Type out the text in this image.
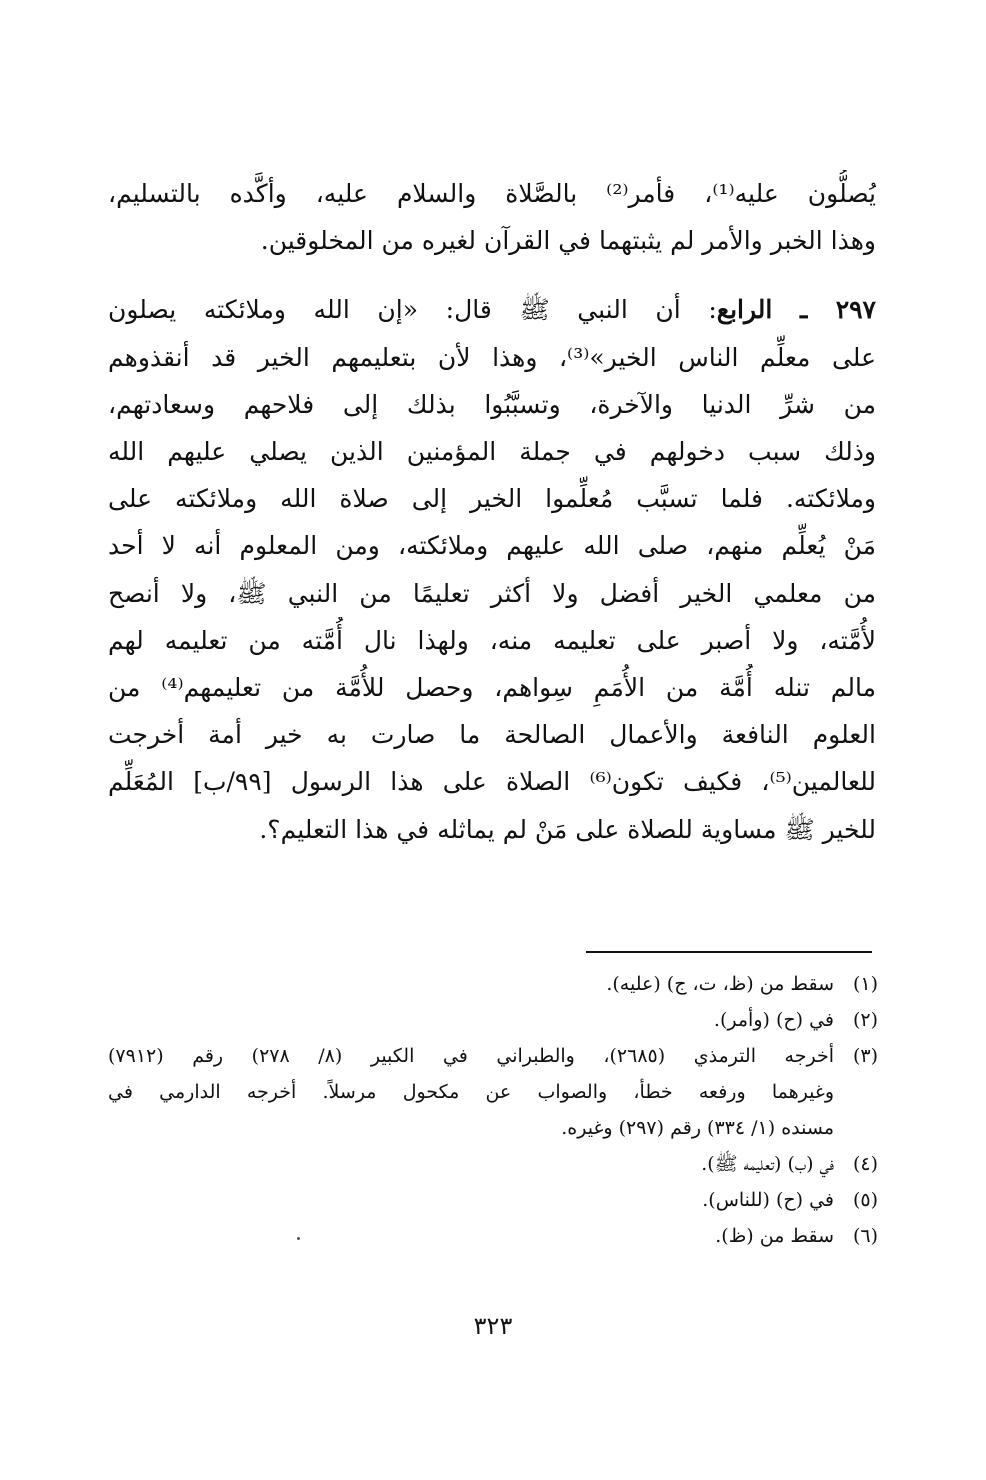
يُصلُّون عليه⁽¹⁾، فأمر⁽²⁾ بالصَّلاة والسلام عليه، وأكَّده بالتسليم،
وهذا الخبر والأمر لم يثبتهما في القرآن لغيره من المخلوقين.

٢٩٧ ـ الرابع: أن النبي ﷺ قال: «إن الله وملائكته يصلون
على معلِّم الناس الخير»⁽³⁾، وهذا لأن بتعليمهم الخير قد أنقذوهم
من شرِّ الدنيا والآخرة، وتسبَّبُوا بذلك إلى فلاحهم وسعادتهم،
وذلك سبب دخولهم في جملة المؤمنين الذين يصلي عليهم الله
وملائكته. فلما تسبَّب مُعلِّموا الخير إلى صلاة الله وملائكته على
مَنْ يُعلِّم منهم، صلى الله عليهم وملائكته، ومن المعلوم أنه لا أحد
من معلمي الخير أفضل ولا أكثر تعليمًا من النبي ﷺ، ولا أنصح
لأُمَّته، ولا أصبر على تعليمه منه، ولهذا نال أُمَّته من تعليمه لهم
مالم تنله أُمَّة من الأُمَمِ سِواهم، وحصل للأُمَّة من تعليمهم⁽⁴⁾ من
العلوم النافعة والأعمال الصالحة ما صارت به خير أمة أخرجت
للعالمين⁽⁵⁾، فكيف تكون⁽⁶⁾ الصلاة على هذا الرسول [٩٩/ب] المُعَلِّم
للخير ﷺ مساوية للصلاة على مَنْ لم يماثله في هذا التعليم؟.

(١)
سقط من (ظ، ت، ج) (عليه).
(٢)
في (ح) (وأمر).
(٣)
أخرجه الترمذي (٢٦٨٥)، والطبراني في الكبير (٨/ ٢٧٨) رقم (٧٩١٢)
وغيرهما ورفعه خطأ، والصواب عن مكحول مرسلاً. أخرجه الدارمي في
مسنده (١/ ٣٣٤) رقم (٢٩٧) وغيره.
(٤)
في (ب) (تعليمه ﷺ).
(٥)
في (ح) (للناس).
(٦)
سقط من (ظ).
٣٢٣
